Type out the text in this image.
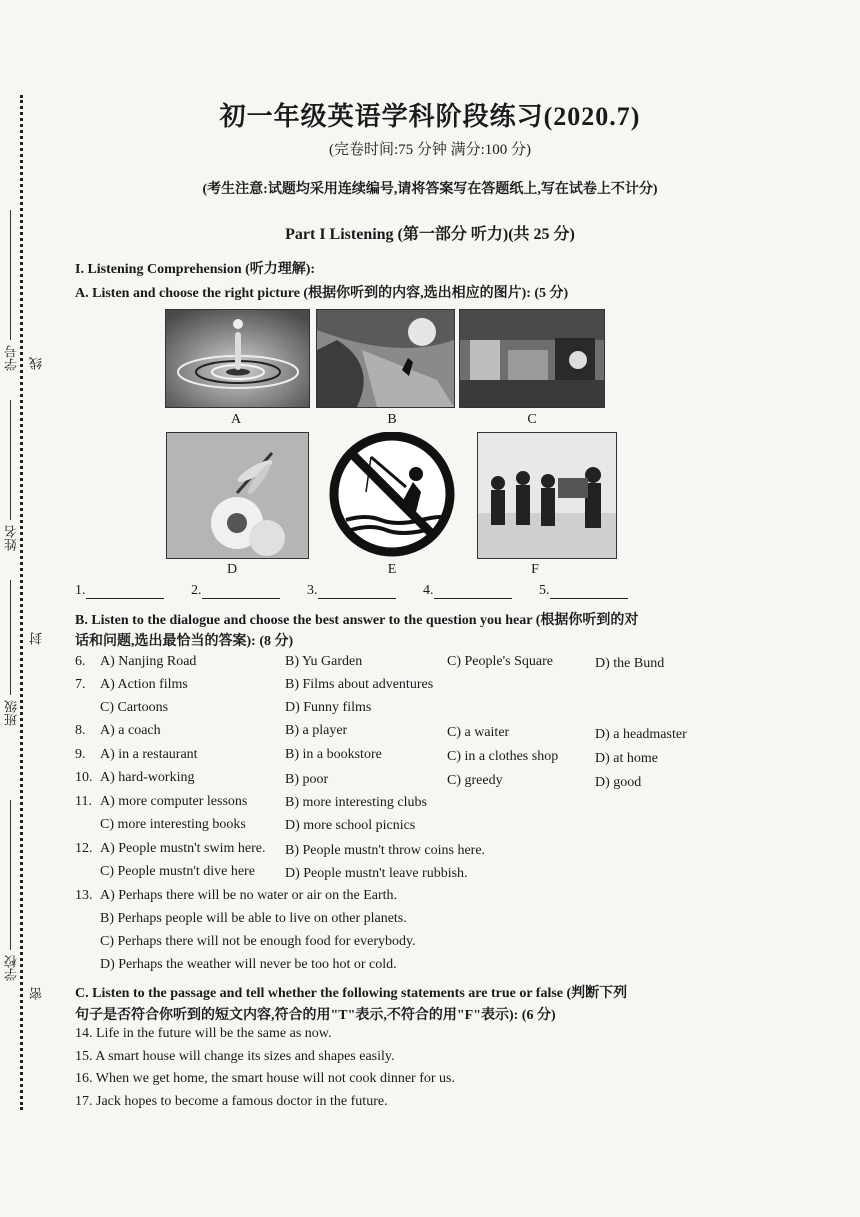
学校
班级
姓名
学号
密
封
线
初一年级英语学科阶段练习(2020.7)
(完卷时间:75 分钟 满分:100 分)
(考生注意:试题均采用连续编号,请将答案写在答题纸上,写在试卷上不计分)
Part I Listening (第一部分 听力)(共 25 分)
I. Listening Comprehension (听力理解):
A. Listen and choose the right picture (根据你听到的内容,选出相应的图片): (5 分)
A	B	C
D	E	F
1.	2.	3.	4.	5.
B. Listen to the dialogue and choose the best answer to the question you hear (根据你听到的对
话和问题,选出最恰当的答案): (8 分)
6. A) Nanjing Road	B) Yu Garden	C) People's Square	D) the Bund
7. A) Action films	B) Films about adventures
C) Cartoons	D) Funny films
8. A) a coach	B) a player	C) a waiter	D) a headmaster
9. A) in a restaurant	B) in a bookstore	C) in a clothes shop	D) at home
10. A) hard-working	B) poor	C) greedy	D) good
11. A) more computer lessons	B) more interesting clubs
C) more interesting books	D) more school picnics
12. A) People mustn't swim here. B) People mustn't throw coins here.
C) People mustn't dive here D) People mustn't leave rubbish.
13. A) Perhaps there will be no water or air on the Earth.
B) Perhaps people will be able to live on other planets.
C) Perhaps there will not be enough food for everybody.
D) Perhaps the weather will never be too hot or cold.
C. Listen to the passage and tell whether the following statements are true or false (判断下列
句子是否符合你听到的短文内容,符合的用"T"表示,不符合的用"F"表示): (6 分)
14. Life in the future will be the same as now.
15. A smart house will change its sizes and shapes easily.
16. When we get home, the smart house will not cook dinner for us.
17. Jack hopes to become a famous doctor in the future.
